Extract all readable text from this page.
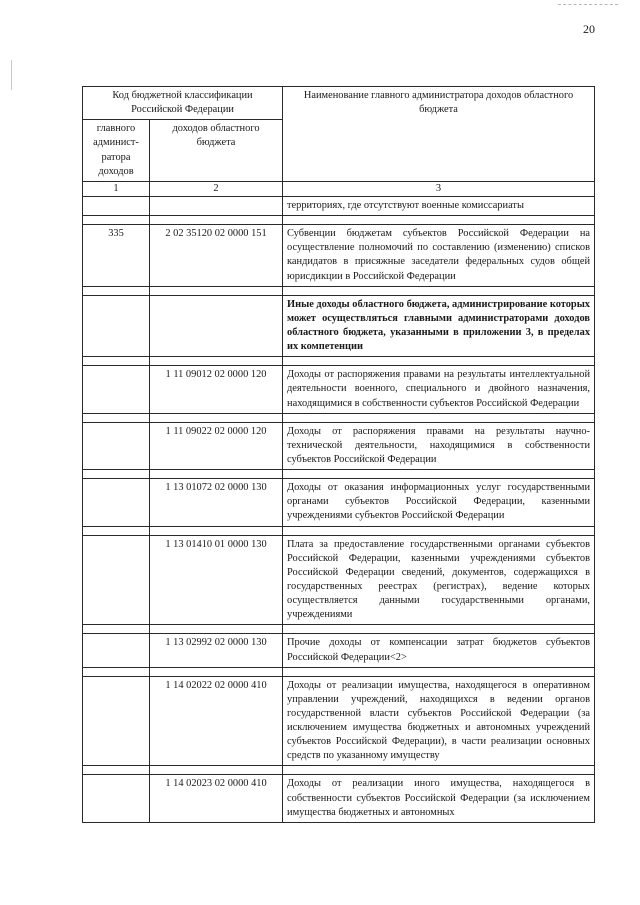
20
Код бюджетной классификации Российской Федерации		Наименование главного администратора доходов областного бюджета
главного админист-ратора доходов	доходов областного бюджета	
1	2	3
		территориях, где отсутствуют военные комиссариаты

335	2 02 35120 02 0000 151	Субвенции бюджетам субъектов Российской Федерации на осуществление полномочий по составлению (изменению) списков кандидатов в присяжные заседатели федеральных судов общей юрисдикции в Российской Федерации

		Иные доходы областного бюджета, администрирование которых может осуществляться главными администраторами доходов областного бюджета, указанными в приложении 3, в пределах их компетенции

	1 11 09012 02 0000 120	Доходы от распоряжения правами на результаты интеллектуальной деятельности военного, специального и двойного назначения, находящимися в собственности субъектов Российской Федерации

	1 11 09022 02 0000 120	Доходы от распоряжения правами на результаты научно-технической деятельности, находящимися в собственности субъектов Российской Федерации

	1 13 01072 02 0000 130	Доходы от оказания информационных услуг государственными органами субъектов Российской Федерации, казенными учреждениями субъектов Российской Федерации

	1 13 01410 01 0000 130	Плата за предоставление государственными органами субъектов Российской Федерации, казенными учреждениями субъектов Российской Федерации сведений, документов, содержащихся в государственных реестрах (регистрах), ведение которых осуществляется данными государственными органами, учреждениями

	1 13 02992 02 0000 130	Прочие доходы от компенсации затрат бюджетов субъектов Российской Федерации<2>

	1 14 02022 02 0000 410	Доходы от реализации имущества, находящегося в оперативном управлении учреждений, находящихся в ведении органов государственной власти субъектов Российской Федерации (за исключением имущества бюджетных и автономных учреждений субъектов Российской Федерации), в части реализации основных средств по указанному имуществу

	1 14 02023 02 0000 410	Доходы от реализации иного имущества, находящегося в собственности субъектов Российской Федерации (за исключением имущества бюджетных и автономных
